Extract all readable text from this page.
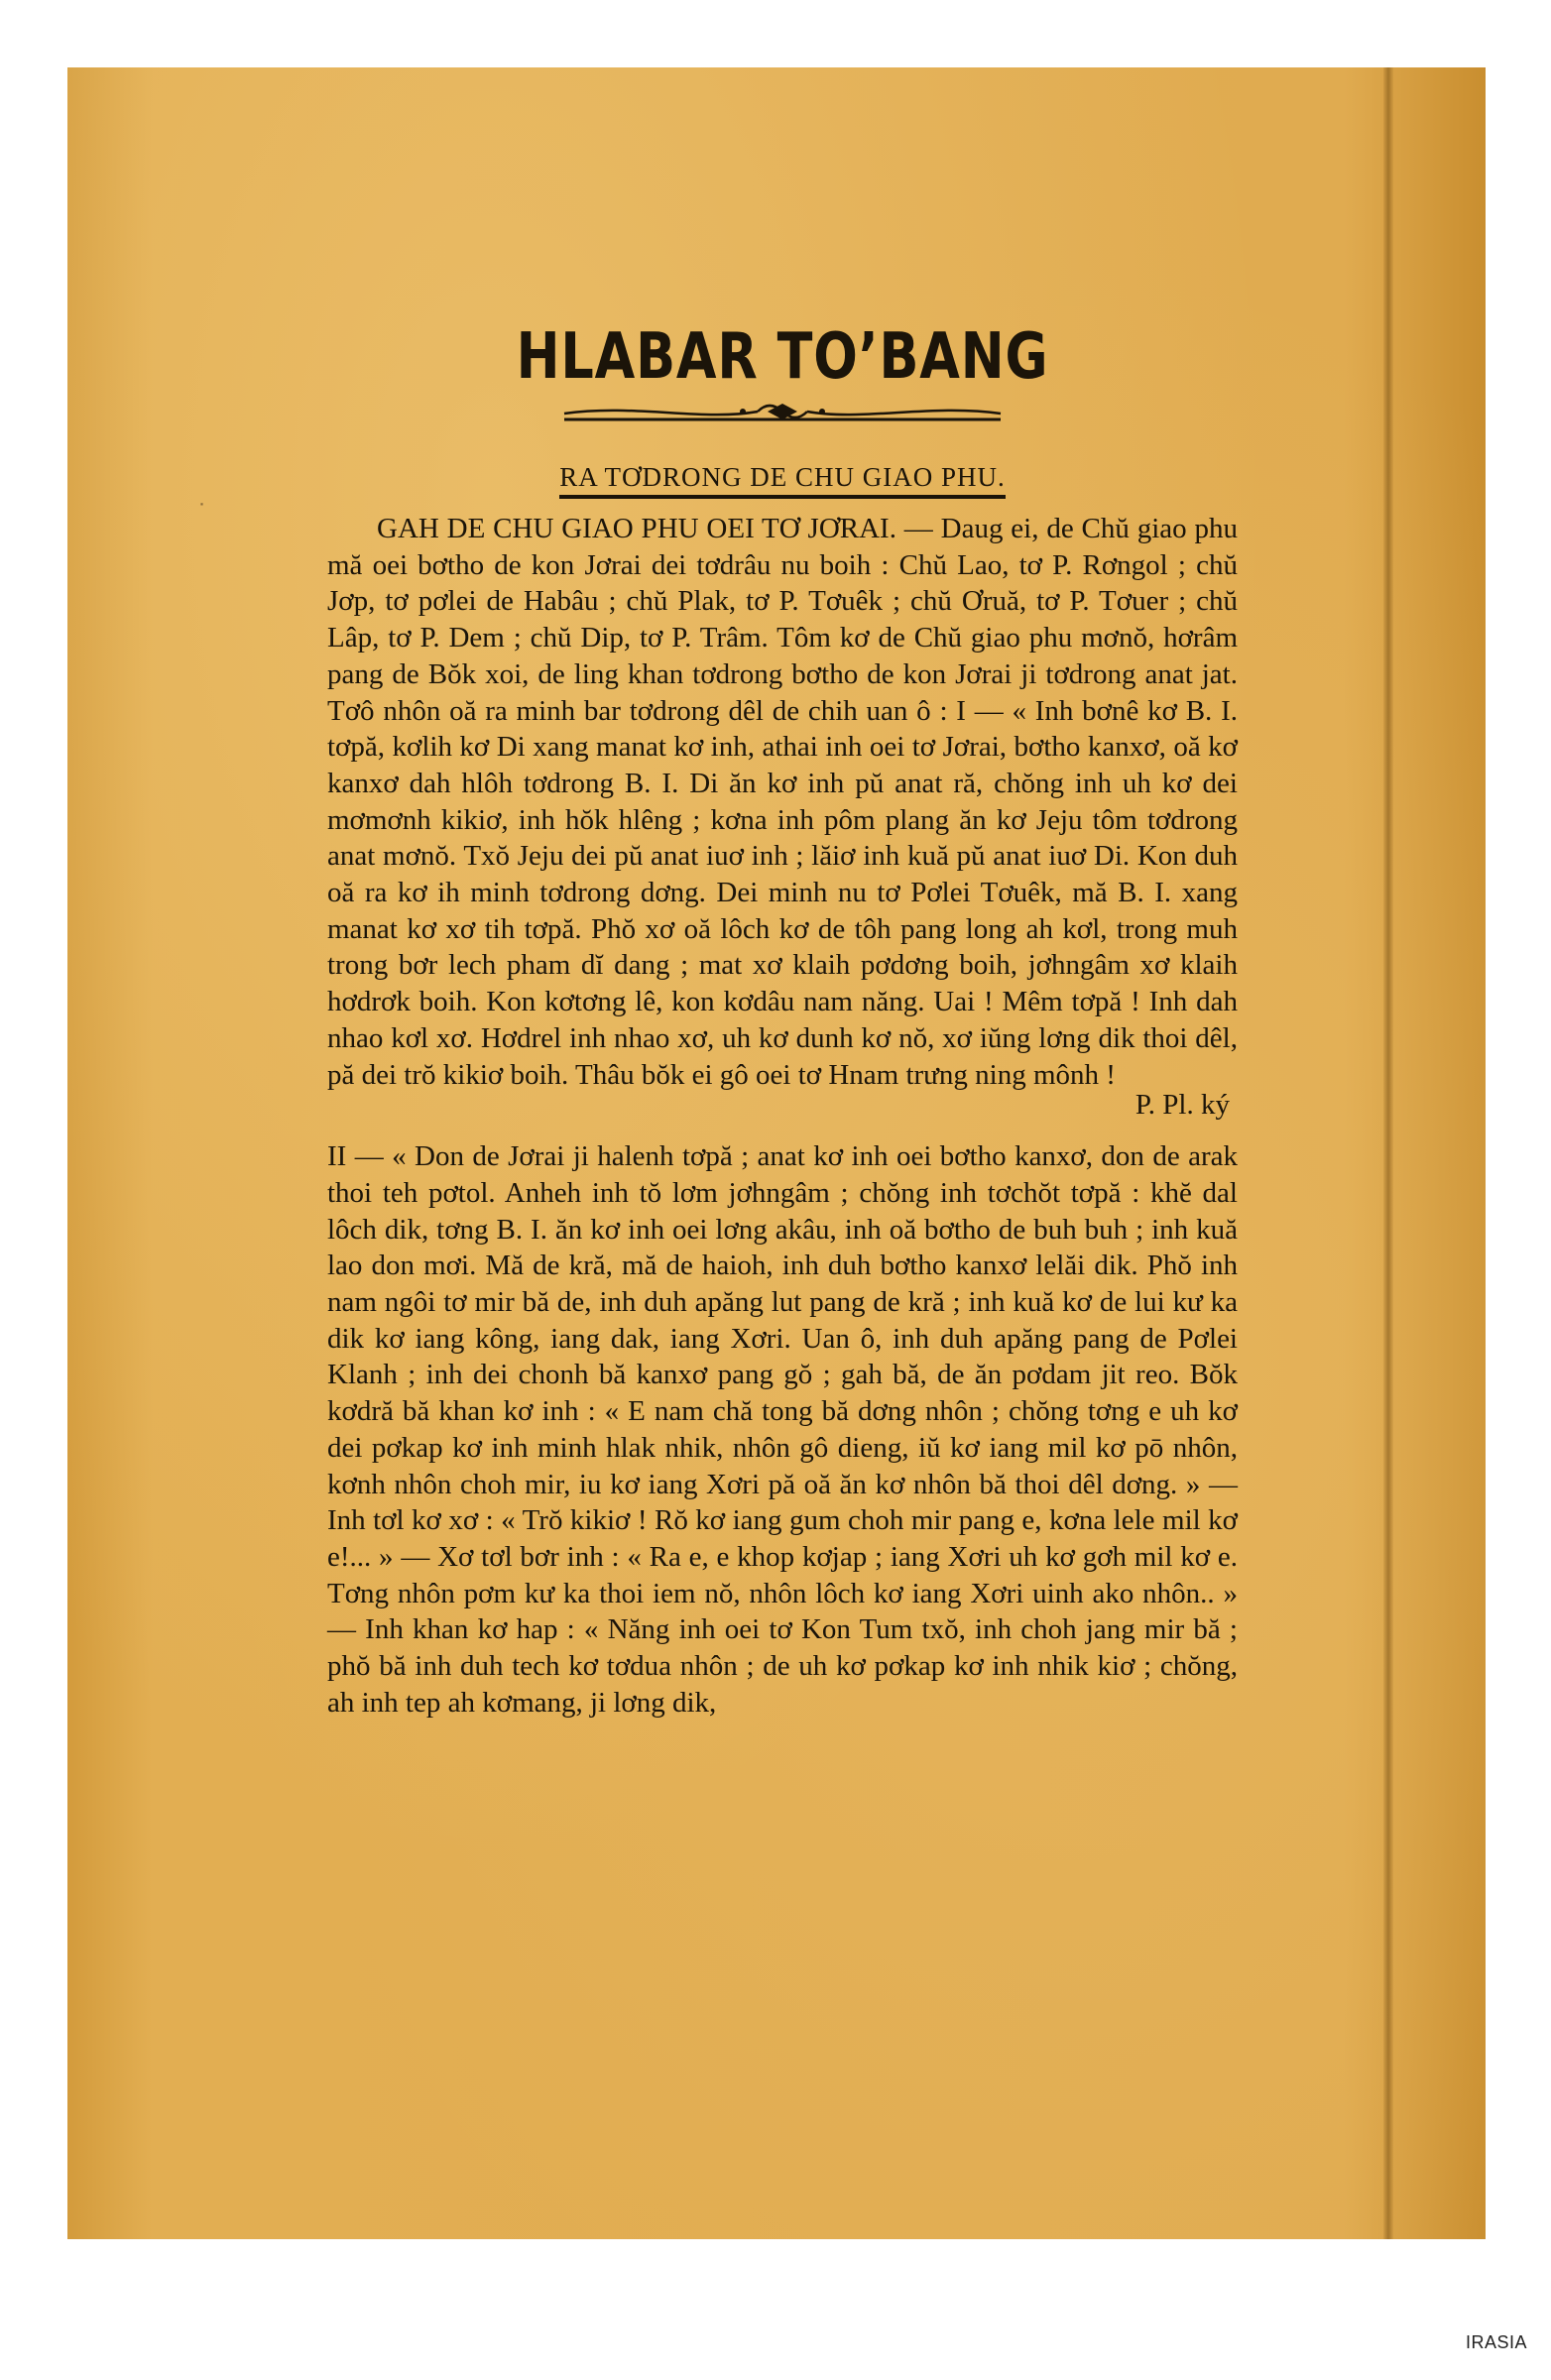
˙
HLABAR TO’BANG
RA TƠDRONG DE CHU GIAO PHU.

GAH DE CHU GIAO PHU OEI TƠ JƠRAI. — Daug ei, de Chŭ giao phu mă oei bơtho de kon Jơrai dei tơdrâu nu boih : Chŭ Lao, tơ P. Rơngol ; chŭ Jơp, tơ pơlei de Habâu ; chŭ Plak, tơ P. Tơuêk ; chŭ Ơruă, tơ P. Tơuer ; chŭ Lâp, tơ P. Dem ; chŭ Dip, tơ P. Trâm. Tôm kơ de Chŭ giao phu mơnŏ, hơrâm pang de Bŏk xoi, de ling khan tơdrong bơtho de kon Jơrai ji tơdrong anat jat. Tơô nhôn oă ra minh bar tơdrong dêl de chih uan ô : I — « Inh bơnê kơ B. I. tơpă, kơlih kơ Di xang manat kơ inh, athai inh oei tơ Jơrai, bơtho kanxơ, oă kơ kanxơ dah hlôh tơdrong B. I. Di ăn kơ inh pŭ anat ră, chŏng inh uh kơ dei mơmơnh kikiơ, inh hŏk hlêng ; kơna inh pôm plang ăn kơ Jeju tôm tơdrong anat mơnŏ. Txŏ Jeju dei pŭ anat iuơ inh ; lăiơ inh kuă pŭ anat iuơ Di. Kon duh oă ra kơ ih minh tơdrong dơng. Dei minh nu tơ Pơlei Tơuêk, mă B. I. xang manat kơ xơ tih tơpă. Phŏ xơ oă lôch kơ de tôh pang long ah kơl, trong muh trong bơr lech pham dĭ dang ; mat xơ klaih pơdơng boih, jơhngâm xơ klaih hơdrơk boih. Kon kơtơng lê, kon kơdâu nam năng. Uai ! Mêm tơpă ! Inh dah nhao kơl xơ. Hơdrel inh nhao xơ, uh kơ dunh kơ nŏ, xơ iŭng lơng dik thoi dêl, pă dei trŏ kikiơ boih. Thâu bŏk ei gô oei tơ Hnam trưng ning mônh !

P. Pl. ký

II — « Don de Jơrai ji halenh tơpă ; anat kơ inh oei bơtho kanxơ, don de arak thoi teh pơtol. Anheh inh tŏ lơm jơhngâm ; chŏng inh tơchŏt tơpă : khĕ dal lôch dik, tơng B. I. ăn kơ inh oei lơng akâu, inh oă bơtho de buh buh ; inh kuă lao don mơi. Mă de kră, mă de haioh, inh duh bơtho kanxơ lelăi dik. Phŏ inh nam ngôi tơ mir bă de, inh duh apăng lut pang de kră ; inh kuă kơ de lui kư ka dik kơ iang kông, iang dak, iang Xơri. Uan ô, inh duh apăng pang de Pơlei Klanh ; inh dei chonh bă kanxơ pang gŏ ; gah bă, de ăn pơdam jit reo. Bŏk kơdră bă khan kơ inh : « E nam chă tong bă dơng nhôn ; chŏng tơng e uh kơ dei pơkap kơ inh minh hlak nhik, nhôn gô dieng, iŭ kơ iang mil kơ pō nhôn, kơnh nhôn choh mir, iu kơ iang Xơri pă oă ăn kơ nhôn bă thoi dêl dơng. » — Inh tơl kơ xơ : « Trŏ kikiơ ! Rŏ kơ iang gum choh mir pang e, kơna lele mil kơ e!... » — Xơ tơl bơr inh : « Ra e, e khop kơjap ; iang Xơri uh kơ gơh mil kơ e. Tơng nhôn pơm kư ka thoi iem nŏ, nhôn lôch kơ iang Xơri uinh ako nhôn.. » — Inh khan kơ hap : « Năng inh oei tơ Kon Tum txŏ, inh choh jang mir bă ; phŏ bă inh duh tech kơ tơdua nhôn ; de uh kơ pơkap kơ inh nhik kiơ ; chŏng, ah inh tep ah kơmang, ji lơng dik,

IRASIA
